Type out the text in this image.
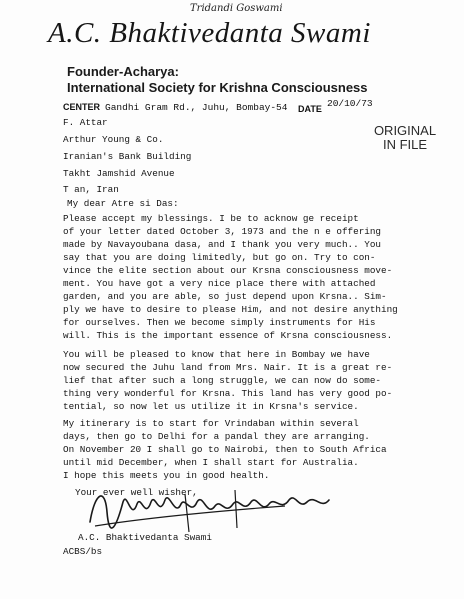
Tridandi Goswami
A.C. Bhaktivedanta Swami
Founder-Acharya:
International Society for Krishna Consciousness
CENTER Gandhi Gram Rd., Juhu, Bombay-54 DATE 20/10/73
ORIGINAL
IN FILE
F. Attar
Arthur Young & Co.
Iranian's Bank Building
Takht Jamshid Avenue
T an, Iran
My dear Atre si Das:
Please accept my blessings. I be to acknow ge receipt
of your letter dated October 3, 1973 and the n e offering
made by Navayoubana dasa, and I thank you very much.. You
say that you are doing limitedly, but go on. Try to con-
vince the elite section about our Krsna consciousness move-
ment. You have got a very nice place there with attached
garden, and you are able, so just depend upon Krsna.. Sim-
ply we have to desire to please Him, and not desire anything
for ourselves. Then we become simply instruments for His
will. This is the important essence of Krsna consciousness.
You will be pleased to know that here in Bombay we have
now secured the Juhu land from Mrs. Nair. It is a great re-
lief that after such a long struggle, we can now do some-
thing very wonderful for Krsna. This land has very good po-
tential, so now let us utilize it in Krsna's service.
My itinerary is to start for Vrindaban within several
days, then go to Delhi for a pandal they are arranging.
On November 20 I shall go to Nairobi, then to South Africa
until mid December, when I shall start for Australia.
I hope this meets you in good health.
Your ever well wisher,
A.C. Bhaktivedanta Swami
ACBS/bs
